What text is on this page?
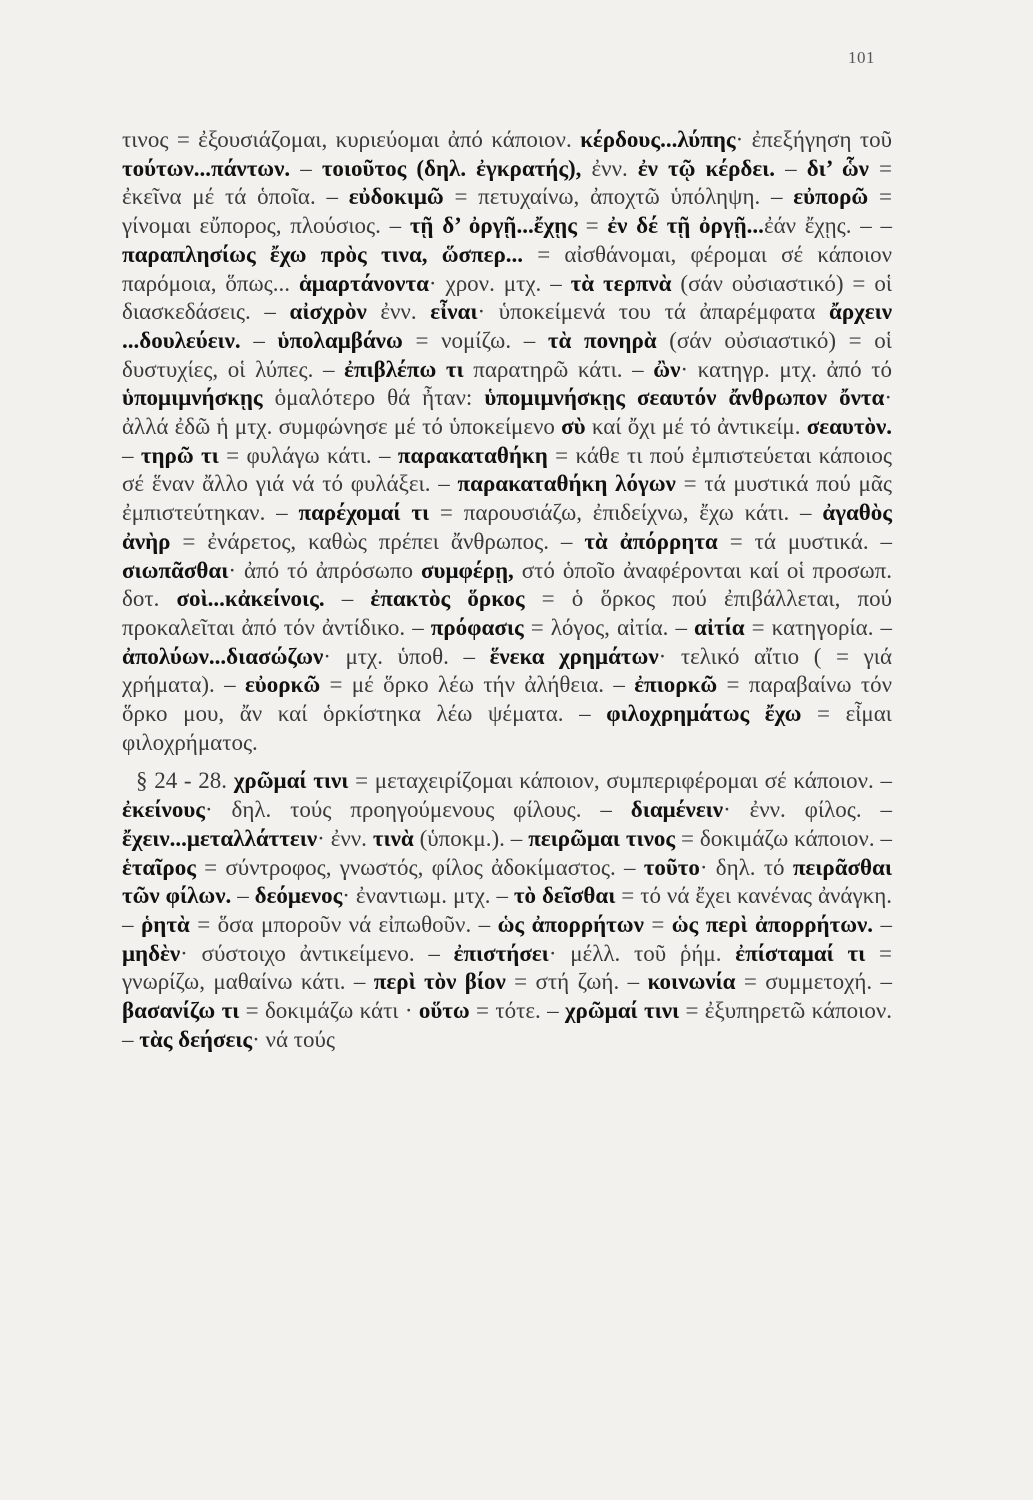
101

τινος = ἐξουσιάζομαι, κυριεύομαι ἀπό κάποιον. κέρδους...λύπης· ἐπεξήγηση τοῦ τούτων...πάντων. – τοιοῦτος (δηλ. ἐγκρατής), ἐνν. ἐν τῷ κέρδει. – δι’ ὧν = ἐκεῖνα μέ τά ὁποῖα. – εὐδοκιμῶ = πετυχαίνω, ἀποχτῶ ὑπόληψη. – εὐπορῶ = γίνομαι εὔπορος, πλούσιος. – τῇ δ’ ὀργῇ...ἔχῃς = ἐν δέ τῇ ὀργῇ...ἐάν ἔχῃς. – – παραπλησίως ἔχω πρὸς τινα, ὥσπερ... = αἰσθάνομαι, φέρομαι σέ κάποιον παρόμοια, ὅπως... ἁμαρτάνοντα· χρον. μτχ. – τὰ τερπνὰ (σάν οὐσιαστικό) = οἱ διασκεδάσεις. – αἰσχρὸν ἐνν. εἶναι· ὑποκείμενά του τά ἀπαρέμφατα ἄρχειν ...δουλεύειν. – ὑπολαμβάνω = νομίζω. – τὰ πονηρὰ (σάν οὐσιαστικό) = οἱ δυστυχίες, οἱ λύπες. – ἐπιβλέπω τι παρατηρῶ κάτι. – ὢν· κατηγρ. μτχ. ἀπό τό ὑπομιμνήσκῃς ὁμαλότερο θά ἦταν: ὑπομιμνήσκῃς σεαυτόν ἄνθρωπον ὄντα· ἀλλά ἐδῶ ἡ μτχ. συμφώνησε μέ τό ὑποκείμενο σὺ καί ὄχι μέ τό ἀντικείμ. σεαυτὸν. – τηρῶ τι = φυλάγω κάτι. – παρακαταθήκη = κάθε τι πού ἐμπιστεύεται κάποιος σέ ἕναν ἄλλο γιά νά τό φυλάξει. – παρακαταθήκη λόγων = τά μυστικά πού μᾶς ἐμπιστεύτηκαν. – παρέχομαί τι = παρουσιάζω, ἐπιδείχνω, ἔχω κάτι. – ἀγαθὸς ἀνὴρ = ἐνάρετος, καθὼς πρέπει ἄνθρωπος. – τὰ ἀπόρρητα = τά μυστικά. – σιωπᾶσθαι· ἀπό τό ἀπρόσωπο συμφέρῃ, στό ὁποῖο ἀναφέρονται καί οἱ προσωπ. δοτ. σοὶ...κἀκείνοις. – ἐπακτὸς ὅρκος = ὁ ὅρκος πού ἐπιβάλλεται, πού προκαλεῖται ἀπό τόν ἀντίδικο. – πρόφασις = λόγος, αἰτία. – αἰτία = κατηγορία. – ἀπολύων...διασώζων· μτχ. ὑποθ. – ἕνεκα χρημάτων· τελικό αἴτιο ( = γιά χρήματα). – εὐορκῶ = μέ ὅρκο λέω τήν ἀλήθεια. – ἐπιορκῶ = παραβαίνω τόν ὅρκο μου, ἄν καί ὁρκίστηκα λέω ψέματα. – φιλοχρημάτως ἔχω = εἶμαι φιλοχρήματος.

§ 24 - 28. χρῶμαί τινι = μεταχειρίζομαι κάποιον, συμπεριφέρομαι σέ κάποιον. – ἐκείνους· δηλ. τούς προηγούμενους φίλους. – διαμένειν· ἐνν. φίλος. – ἔχειν...μεταλλάττειν· ἐνν. τινὰ (ὑποκμ.). – πειρῶμαι τινος = δοκιμάζω κάποιον. – ἑταῖρος = σύντροφος, γνωστός, φίλος ἀδοκίμαστος. – τοῦτο· δηλ. τό πειρᾶσθαι τῶν φίλων. – δεόμενος· ἐναντιωμ. μτχ. – τὸ δεῖσθαι = τό νά ἔχει κανένας ἀνάγκη. – ῥητὰ = ὅσα μποροῦν νά εἰπωθοῦν. – ὡς ἀπορρήτων = ὡς περὶ ἀπορρήτων. – μηδὲν· σύστοιχο ἀντικείμενο. – ἐπιστήσει· μέλλ. τοῦ ῥήμ. ἐπίσταμαί τι = γνωρίζω, μαθαίνω κάτι. – περὶ τὸν βίον = στή ζωή. – κοινωνία = συμμετοχή. – βασανίζω τι = δοκιμάζω κάτι · οὕτω = τότε. – χρῶμαί τινι = ἐξυπηρετῶ κάποιον. – τὰς δεήσεις· νά τούς
